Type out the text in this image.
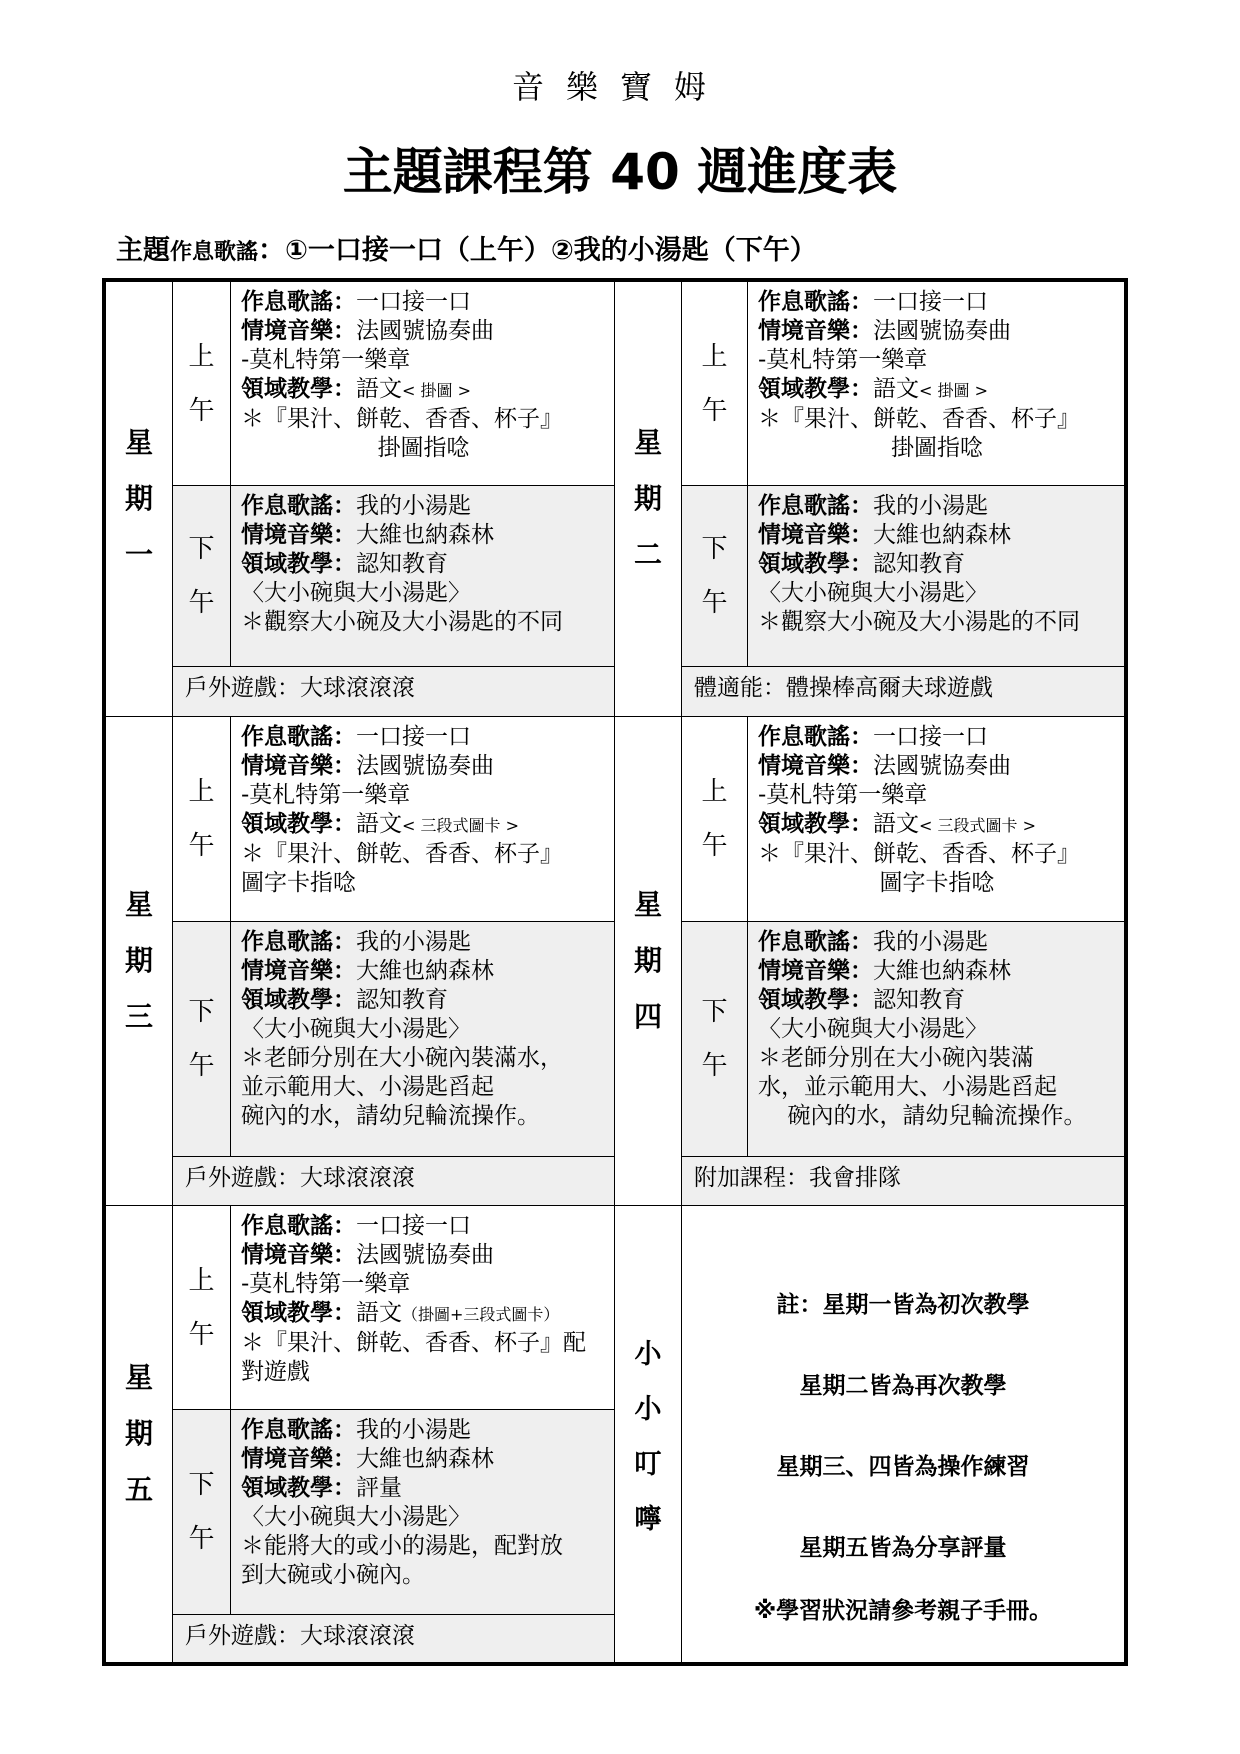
音樂寶姆
主題課程第 40 週進度表
主題作息歌謠：①一口接一口（上午）②我的小湯匙（下午）
星
期
一
上
午
作息歌謠：一口接一口
情境音樂：法國號協奏曲
-莫札特第一樂章
領域教學：語文< 掛圖 >
＊『果汁、餅乾、香香、杯子』
掛圖指唸
下
午
作息歌謠：我的小湯匙
情境音樂：大維也納森林
領域教學：認知教育
〈大小碗與大小湯匙〉
＊觀察大小碗及大小湯匙的不同
戶外遊戲：大球滾滾滾
星
期
二
上
午
作息歌謠：一口接一口
情境音樂：法國號協奏曲
-莫札特第一樂章
領域教學：語文< 掛圖 >
＊『果汁、餅乾、香香、杯子』
掛圖指唸
下
午
作息歌謠：我的小湯匙
情境音樂：大維也納森林
領域教學：認知教育
〈大小碗與大小湯匙〉
＊觀察大小碗及大小湯匙的不同
體適能：體操棒高爾夫球遊戲
星
期
三
上
午
作息歌謠：一口接一口
情境音樂：法國號協奏曲
-莫札特第一樂章
領域教學：語文< 三段式圖卡 >
＊『果汁、餅乾、香香、杯子』
圖字卡指唸
下
午
作息歌謠：我的小湯匙
情境音樂：大維也納森林
領域教學：認知教育
〈大小碗與大小湯匙〉
＊老師分別在大小碗內裝滿水，
並示範用大、小湯匙舀起
碗內的水，請幼兒輪流操作。
戶外遊戲：大球滾滾滾
星
期
四
上
午
作息歌謠：一口接一口
情境音樂：法國號協奏曲
-莫札特第一樂章
領域教學：語文< 三段式圖卡 >
＊『果汁、餅乾、香香、杯子』
圖字卡指唸
下
午
作息歌謠：我的小湯匙
情境音樂：大維也納森林
領域教學：認知教育
〈大小碗與大小湯匙〉
＊老師分別在大小碗內裝滿
水，並示範用大、小湯匙舀起
碗內的水，請幼兒輪流操作。
附加課程：我會排隊
星
期
五
上
午
作息歌謠：一口接一口
情境音樂：法國號協奏曲
-莫札特第一樂章
領域教學：語文（掛圖+三段式圖卡）
＊『果汁、餅乾、香香、杯子』配
對遊戲
下
午
作息歌謠：我的小湯匙
情境音樂：大維也納森林
領域教學：評量
〈大小碗與大小湯匙〉
＊能將大的或小的湯匙，配對放
到大碗或小碗內。
戶外遊戲：大球滾滾滾
小
小
叮
嚀
註：星期一皆為初次教學
星期二皆為再次教學
星期三、四皆為操作練習
星期五皆為分享評量
※學習狀況請參考親子手冊。
